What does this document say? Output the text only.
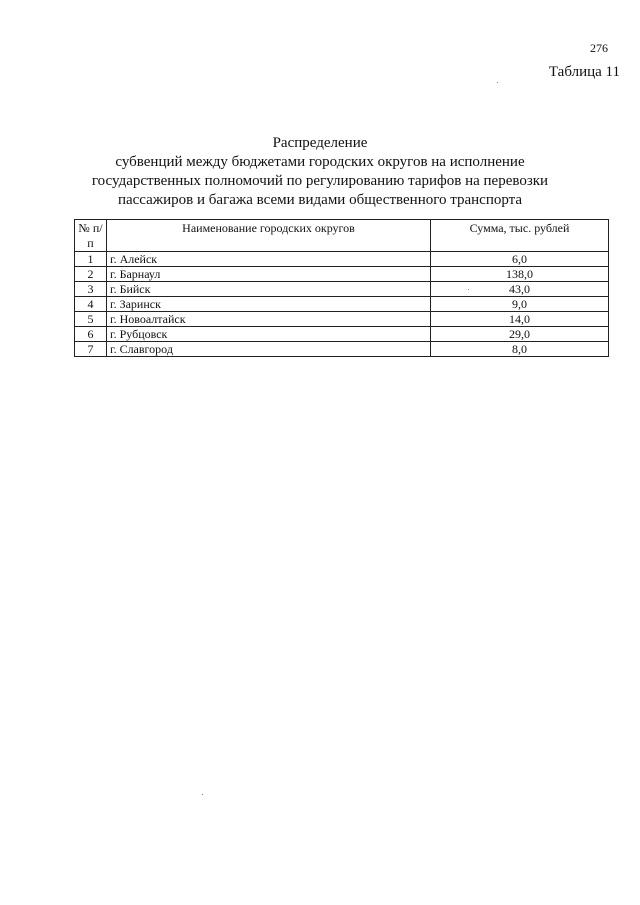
276
Таблица 11
Распределение
субвенций между бюджетами городских округов на исполнение
государственных полномочий по регулированию тарифов на перевозки
пассажиров и багажа всеми видами общественного транспорта
№ п/п	Наименование городских округов	Сумма, тыс. рублей
1	г. Алейск	6,0
2	г. Барнаул	138,0
3	г. Бийск	43,0
4	г. Заринск	9,0
5	г. Новоалтайск	14,0
6	г. Рубцовск	29,0
7	г. Славгород	8,0
